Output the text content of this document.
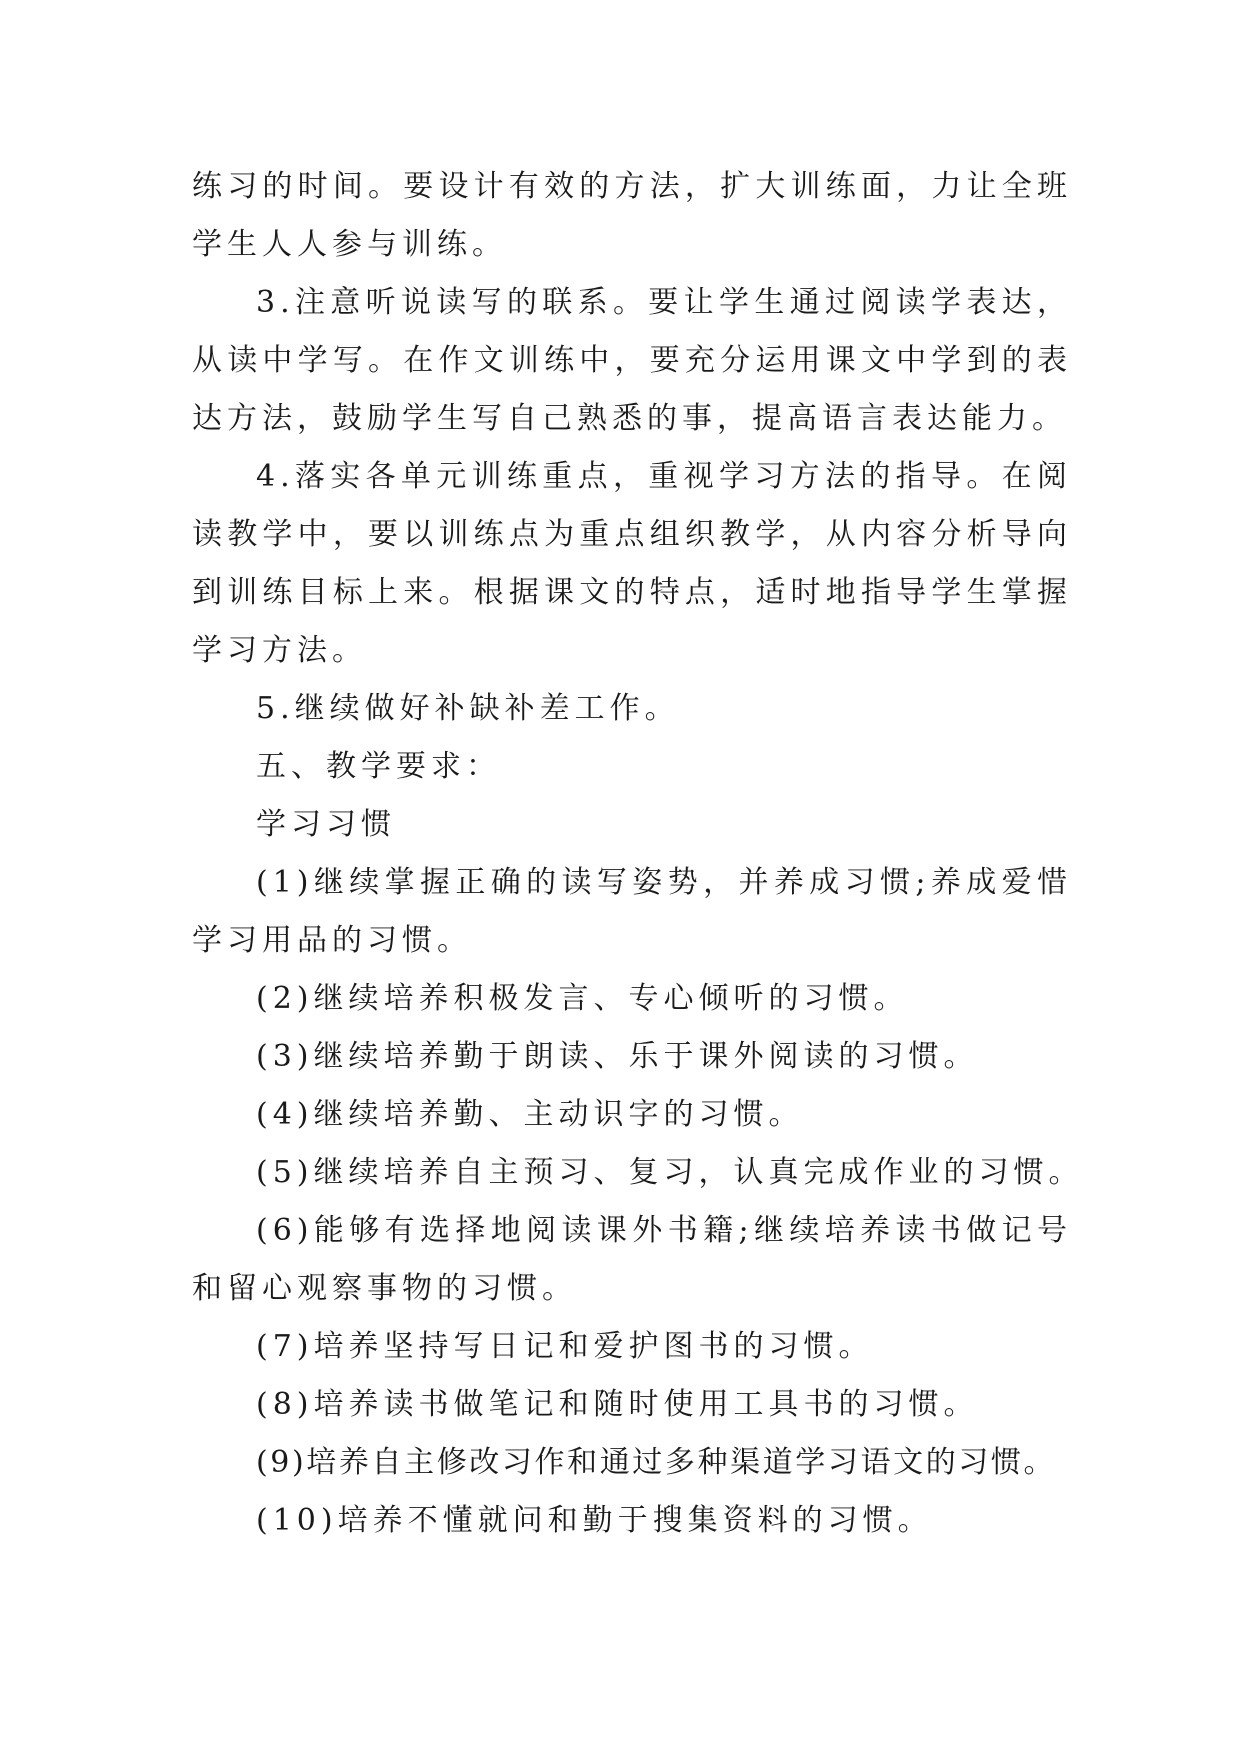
练习的时间。要设计有效的方法，扩大训练面，力让全班学生人人参与训练。

3.注意听说读写的联系。要让学生通过阅读学表达，从读中学写。在作文训练中，要充分运用课文中学到的表达方法，鼓励学生写自己熟悉的事，提高语言表达能力。

4.落实各单元训练重点，重视学习方法的指导。在阅读教学中，要以训练点为重点组织教学，从内容分析导向到训练目标上来。根据课文的特点，适时地指导学生掌握学习方法。

5.继续做好补缺补差工作。

五、教学要求：

学习习惯

(1)继续掌握正确的读写姿势，并养成习惯;养成爱惜学习用品的习惯。

(2)继续培养积极发言、专心倾听的习惯。

(3)继续培养勤于朗读、乐于课外阅读的习惯。

(4)继续培养勤、主动识字的习惯。

(5)继续培养自主预习、复习，认真完成作业的习惯。

(6)能够有选择地阅读课外书籍;继续培养读书做记号和留心观察事物的习惯。

(7)培养坚持写日记和爱护图书的习惯。

(8)培养读书做笔记和随时使用工具书的习惯。

(9)培养自主修改习作和通过多种渠道学习语文的习惯。

(10)培养不懂就问和勤于搜集资料的习惯。
